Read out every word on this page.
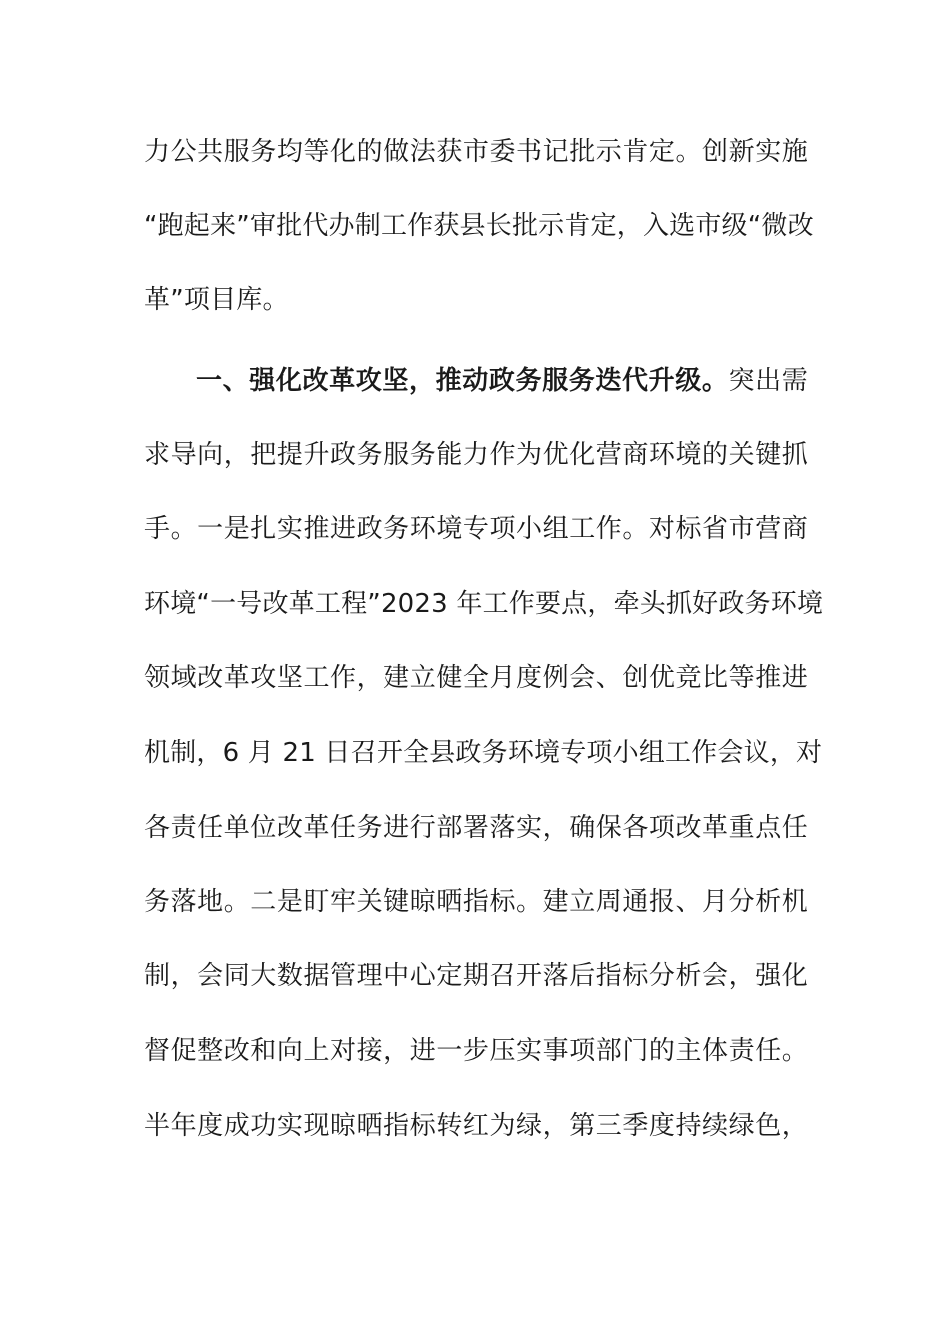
力公共服务均等化的做法获市委书记批示肯定。创新实施
“跑起来”审批代办制工作获县长批示肯定，入选市级“微改
革”项目库。
一、强化改革攻坚，推动政务服务迭代升级。突出需
求导向，把提升政务服务能力作为优化营商环境的关键抓
手。一是扎实推进政务环境专项小组工作。对标省市营商
环境“一号改革工程”2023 年工作要点，牵头抓好政务环境
领域改革攻坚工作，建立健全月度例会、创优竞比等推进
机制，6 月 21 日召开全县政务环境专项小组工作会议，对
各责任单位改革任务进行部署落实，确保各项改革重点任
务落地。二是盯牢关键晾晒指标。建立周通报、月分析机
制，会同大数据管理中心定期召开落后指标分析会，强化
督促整改和向上对接，进一步压实事项部门的主体责任。
半年度成功实现晾晒指标转红为绿，第三季度持续绿色，
